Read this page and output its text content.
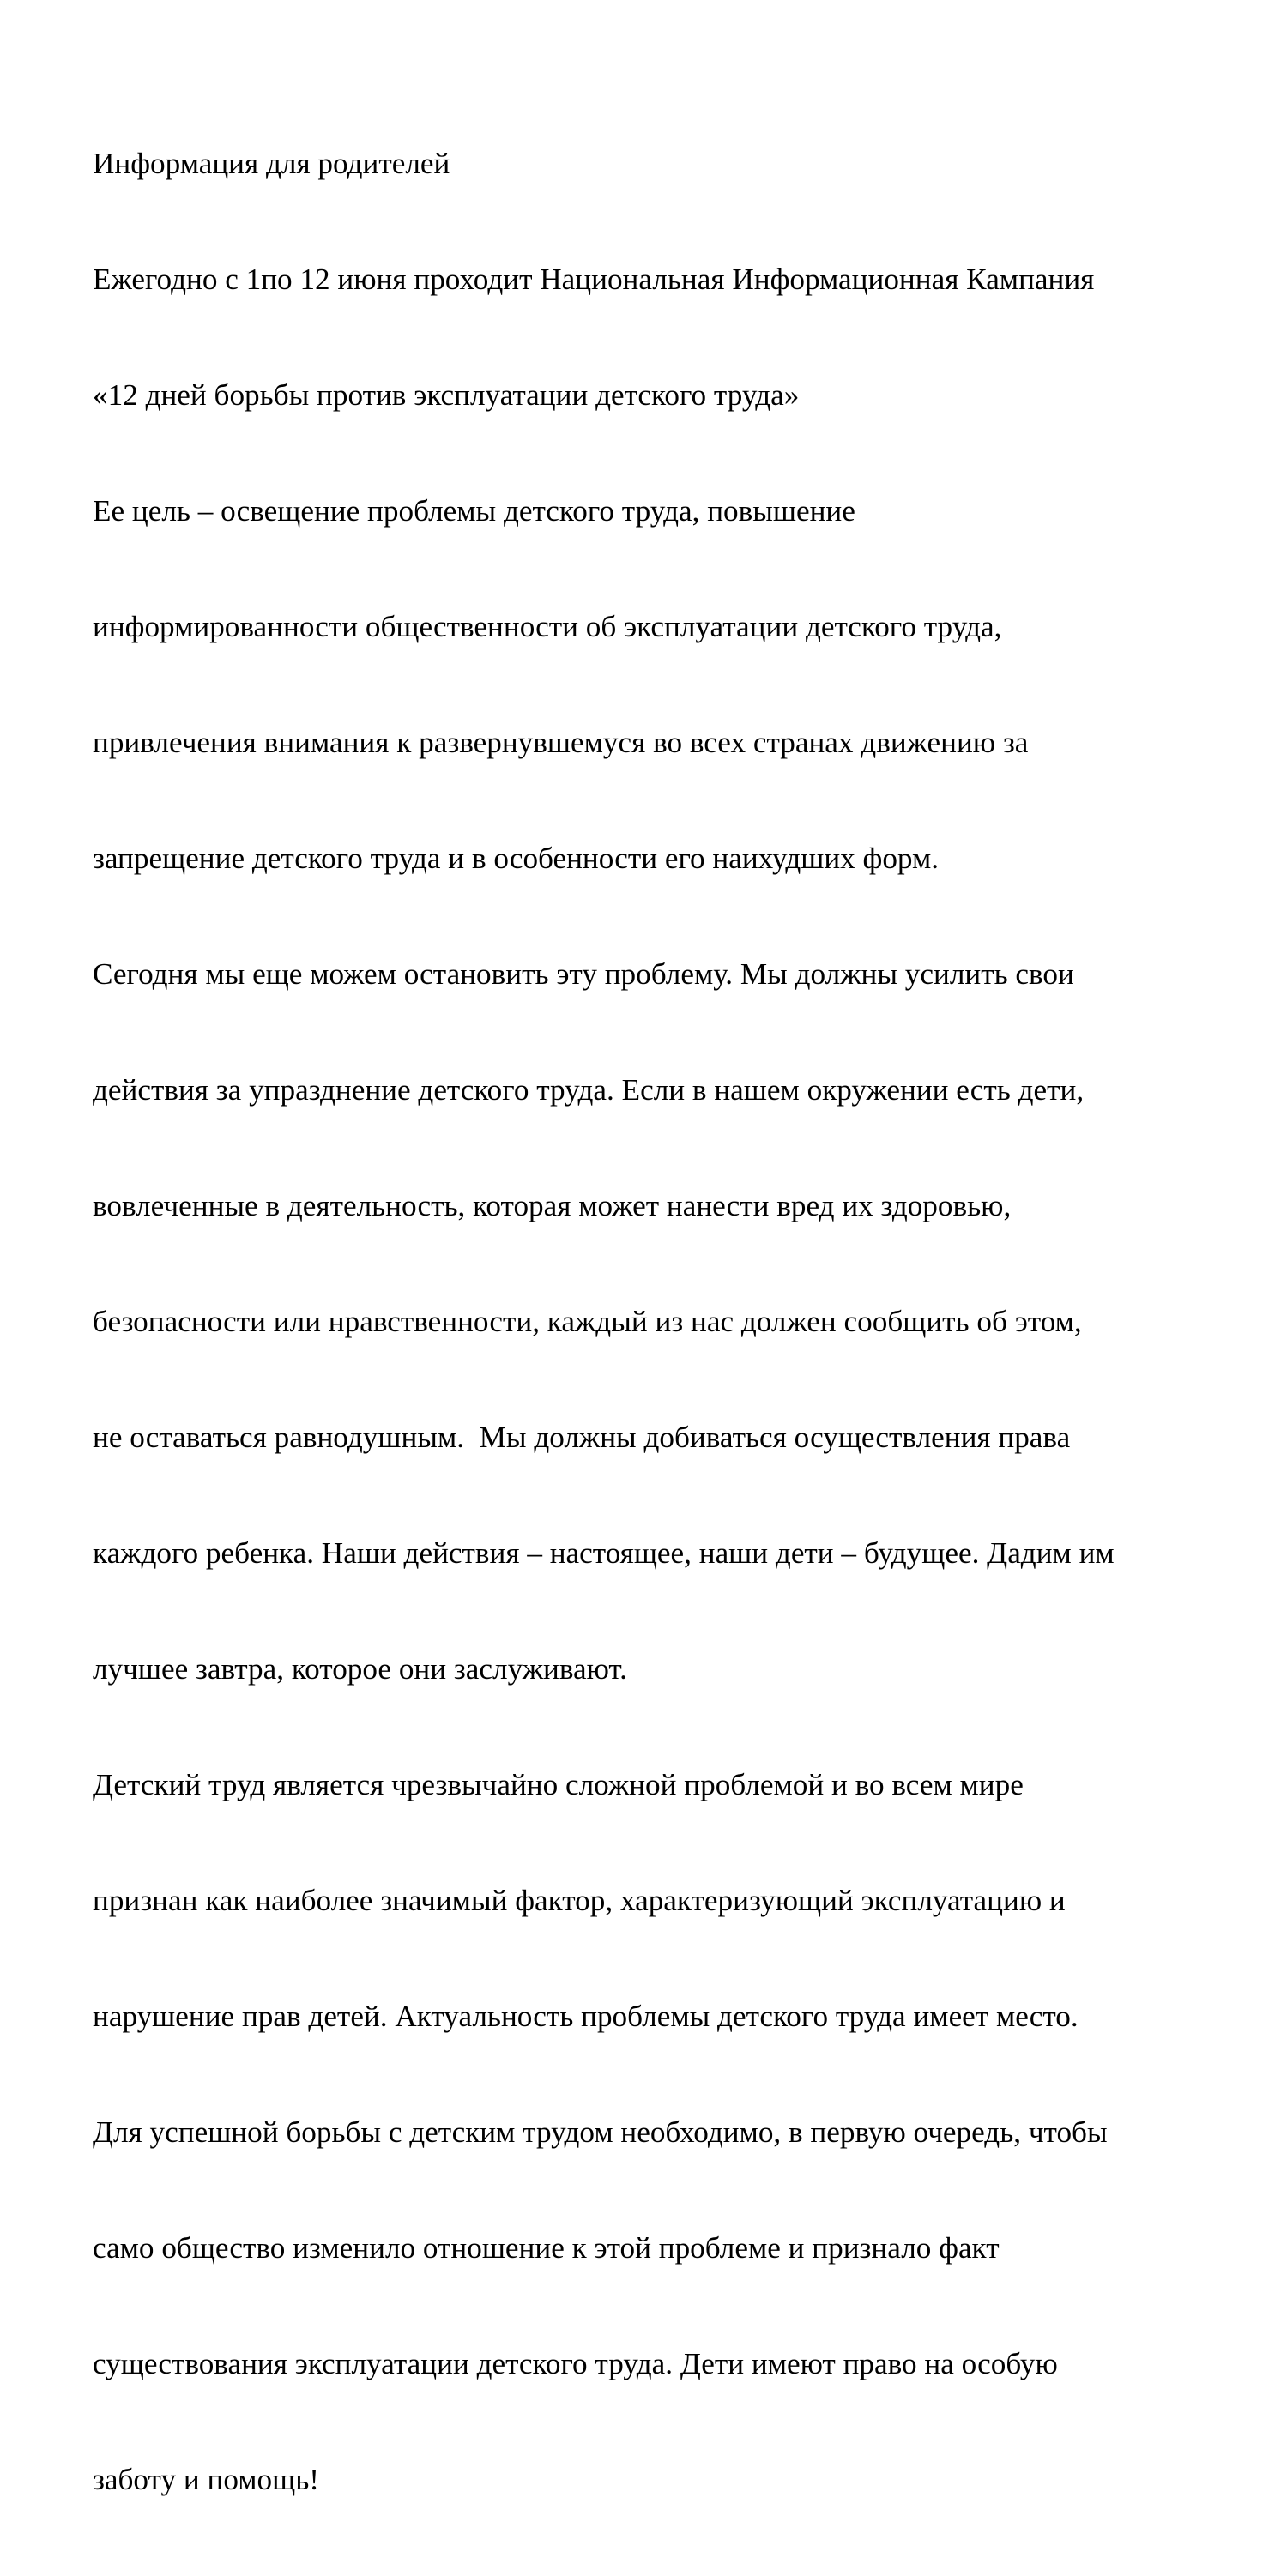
Информация для родителей

Ежегодно с 1по 12 июня проходит Национальная Информационная Кампания

«12 дней борьбы против эксплуатации детского труда»

Ее цель – освещение проблемы детского труда, повышение

информированности общественности об эксплуатации детского труда,

привлечения внимания к развернувшемуся во всех странах движению за

запрещение детского труда и в особенности его наихудших форм.

Сегодня мы еще можем остановить эту проблему. Мы должны усилить свои

действия за упразднение детского труда. Если в нашем окружении есть дети,

вовлеченные в деятельность, которая может нанести вред их здоровью,

безопасности или нравственности, каждый из нас должен сообщить об этом,

не оставаться равнодушным.  Мы должны добиваться осуществления права

каждого ребенка. Наши действия – настоящее, наши дети – будущее. Дадим им

лучшее завтра, которое они заслуживают.

Детский труд является чрезвычайно сложной проблемой и во всем мире

признан как наиболее значимый фактор, характеризующий эксплуатацию и

нарушение прав детей. Актуальность проблемы детского труда имеет место.

Для успешной борьбы с детским трудом необходимо, в первую очередь, чтобы

само общество изменило отношение к этой проблеме и признало факт

существования эксплуатации детского труда. Дети имеют право на особую

заботу и помощь!
